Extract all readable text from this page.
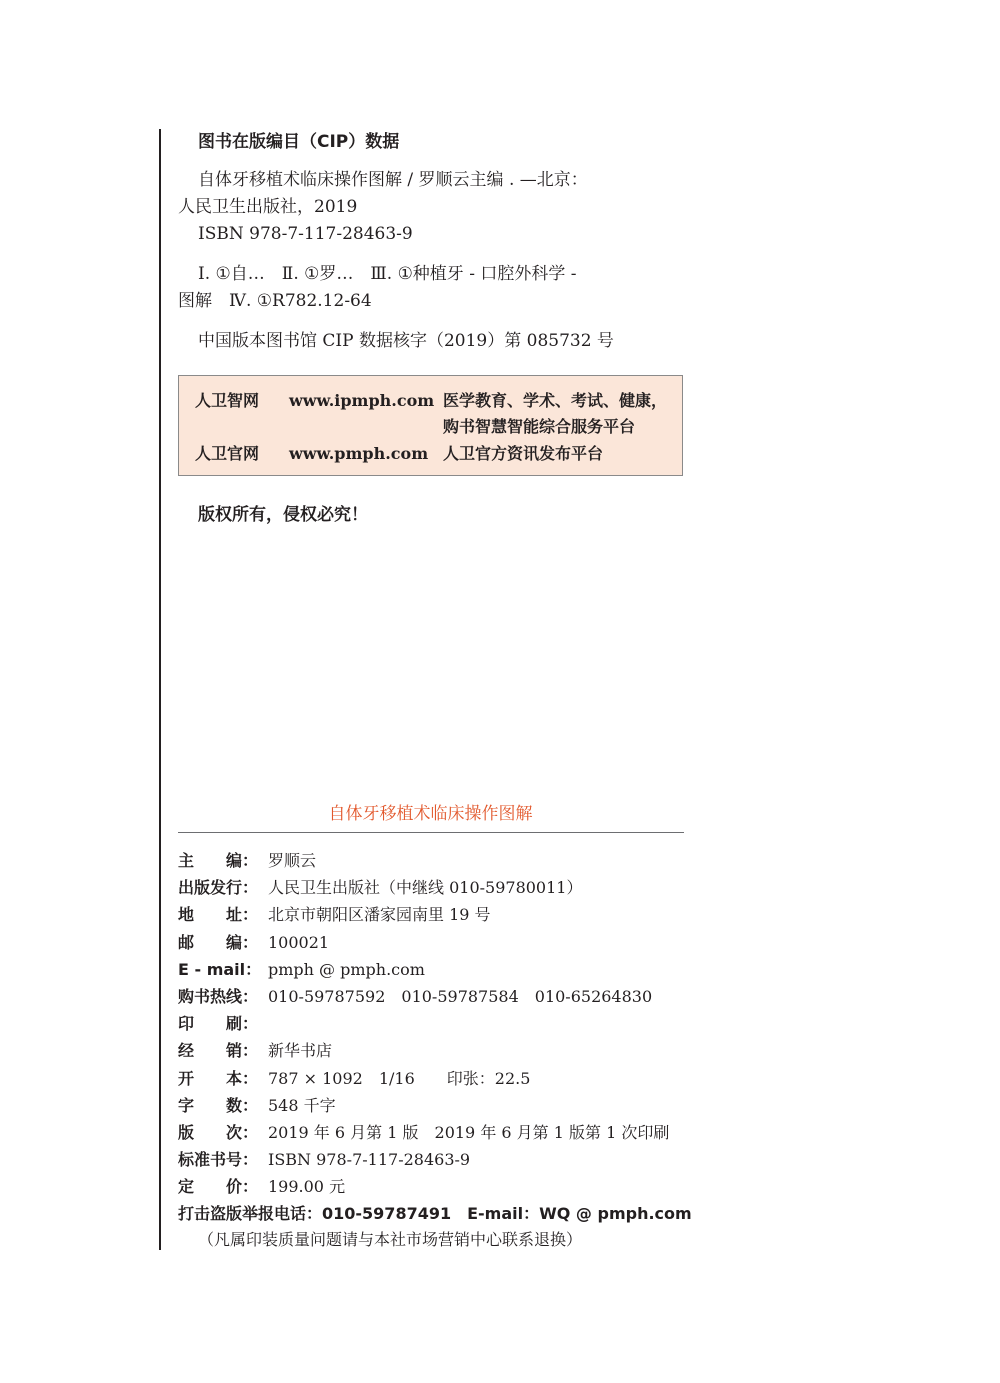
图书在版编目（CIP）数据
自体牙移植术临床操作图解 / 罗顺云主编 . —北京：
人民卫生出版社，2019
ISBN 978-7-117-28463-9
Ⅰ. ①自…　Ⅱ. ①罗…　Ⅲ. ①种植牙 - 口腔外科学 -
图解　Ⅳ. ①R782.12-64
中国版本图书馆 CIP 数据核字（2019）第 085732 号
人卫智网 www.ipmph.com 医学教育、学术、考试、健康，
购书智慧智能综合服务平台
人卫官网 www.pmph.com 人卫官方资讯发布平台
版权所有，侵权必究！
自体牙移植术临床操作图解
主　　编： 罗顺云
出版发行： 人民卫生出版社（中继线 010-59780011）
地　　址： 北京市朝阳区潘家园南里 19 号
邮　　编： 100021
E - mail： pmph @ pmph.com
购书热线： 010-59787592　010-59787584　010-65264830
印　　刷：
经　　销： 新华书店
开　　本： 787 × 1092　1/16　　印张：22.5
字　　数： 548 千字
版　　次： 2019 年 6 月第 1 版　2019 年 6 月第 1 版第 1 次印刷
标准书号： ISBN 978-7-117-28463-9
定　　价： 199.00 元
打击盗版举报电话：010-59787491　E-mail：WQ @ pmph.com
（凡属印装质量问题请与本社市场营销中心联系退换）
